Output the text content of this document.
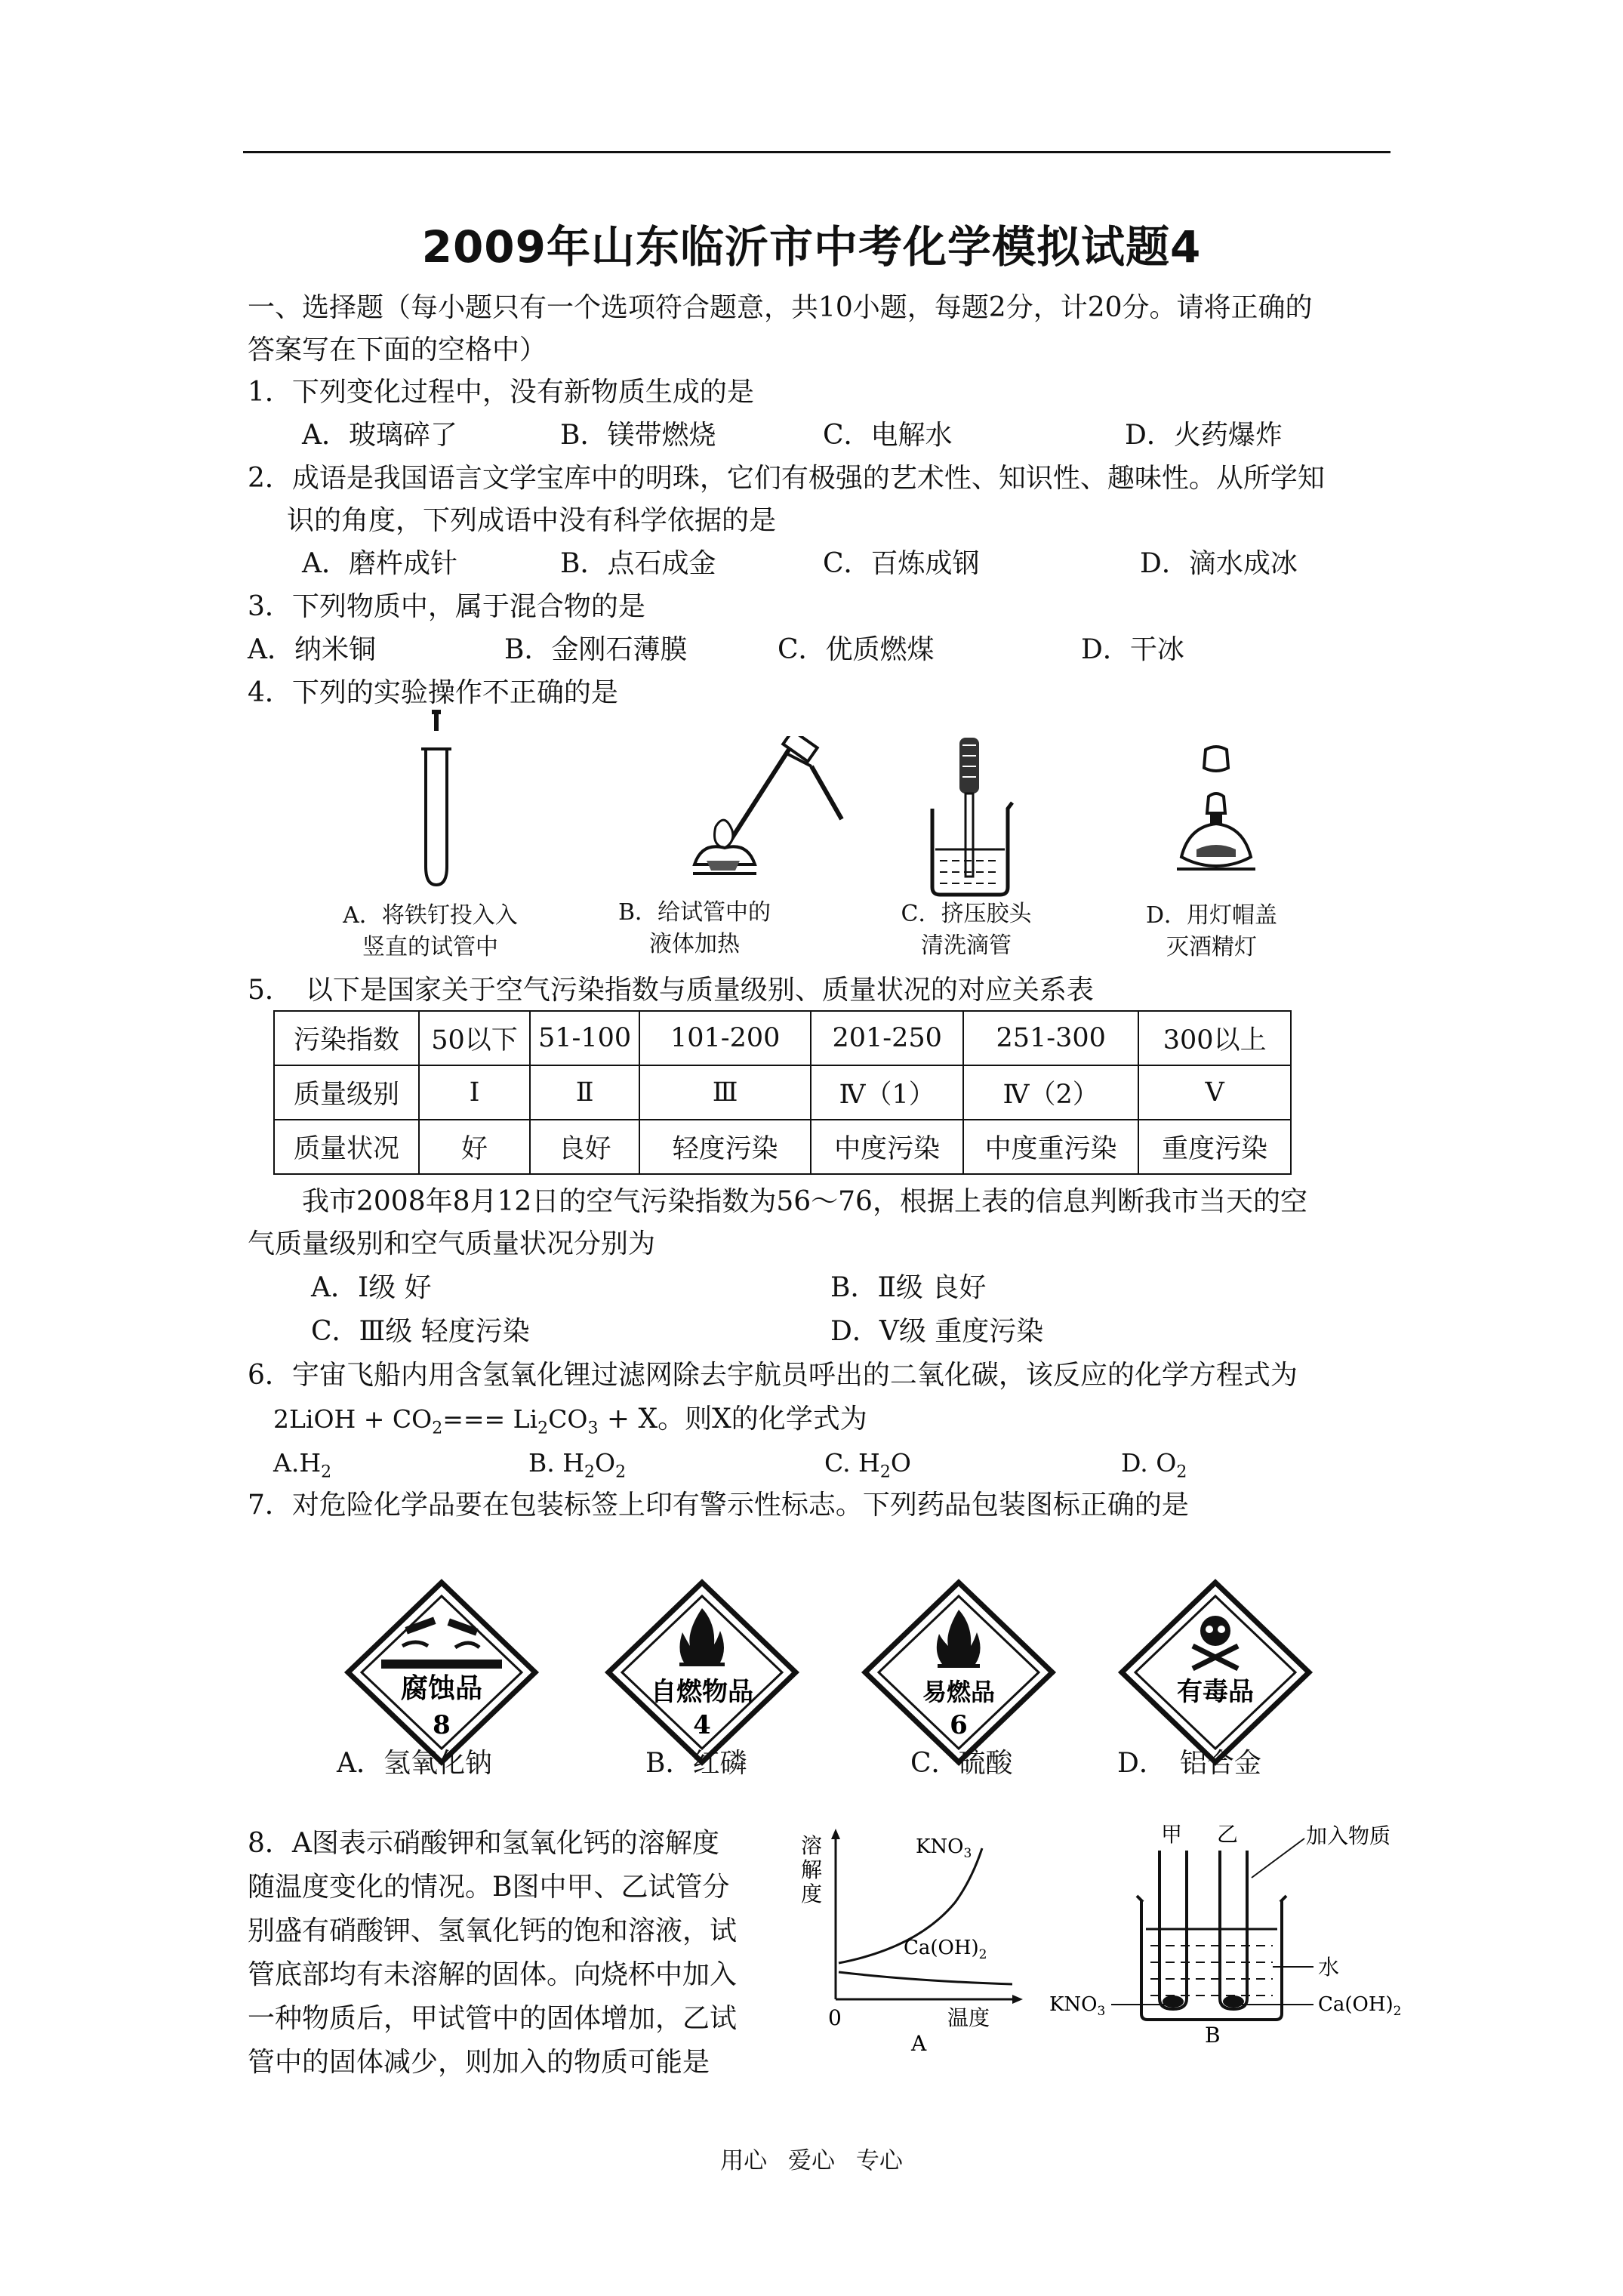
2009年山东临沂市中考化学模拟试题4
一、选择题（每小题只有一个选项符合题意，共10小题，每题2分，计20分。请将正确的
答案写在下面的空格中）
1．下列变化过程中，没有新物质生成的是
A．玻璃碎了	B．镁带燃烧	C．电解水	D．火药爆炸
2．成语是我国语言文学宝库中的明珠，它们有极强的艺术性、知识性、趣味性。从所学知
识的角度，下列成语中没有科学依据的是
A．磨杵成针	B．点石成金	C．百炼成钢	D．滴水成冰
3．下列物质中，属于混合物的是
A．纳米铜	B．金刚石薄膜	C．优质燃煤	D．干冰
4．下列的实验操作不正确的是
A．将铁钉投入入
竖直的试管中
B．给试管中的
液体加热
C．挤压胶头
清洗滴管
D．用灯帽盖
灭酒精灯
5．　以下是国家关于空气污染指数与质量级别、质量状况的对应关系表
污染指数	50以下	51-100	101-200	201-250	251-300	300以上
质量级别	Ⅰ	Ⅱ	Ⅲ	Ⅳ（1）	Ⅳ（2）	Ⅴ
质量状况	好	良好	轻度污染	中度污染	中度重污染	重度污染
我市2008年8月12日的空气污染指数为56～76，根据上表的信息判断我市当天的空
气质量级别和空气质量状况分别为
A．Ⅰ级 好	B．Ⅱ级 良好
C．Ⅲ级 轻度污染	D．Ⅴ级 重度污染
6．宇宙飞船内用含氢氧化锂过滤网除去宇航员呼出的二氧化碳，该反应的化学方程式为
2LiOH + $CO_2=== Li_2CO_3 + X$。则X的化学式为
$A.H_2$	B. $H_2O_2$	C. $H_2O$	D. $O_2$
7．对危险化学品要在包装标签上印有警示性标志。下列药品包装图标正确的是
腐蚀品
8
自燃物品
4
易燃品
6
有毒品
A．氢氧化钠	B．红磷	C．硫酸	D．　铝合金
8．A图表示硝酸钾和氢氧化钙的溶解度
随温度变化的情况。B图中甲、乙试管分
别盛有硝酸钾、氢氧化钙的饱和溶液，试
管底部均有未溶解的固体。向烧杯中加入
一种物质后，甲试管中的固体增加，乙试
管中的固体减少，则加入的物质可能是
溶
解
度
$KNO_3$
$Ca(OH)_2$
0	温度
A
甲 乙	加入物质
水
$KNO_3$	$Ca(OH)_2$
B
用心 爱心 专心
